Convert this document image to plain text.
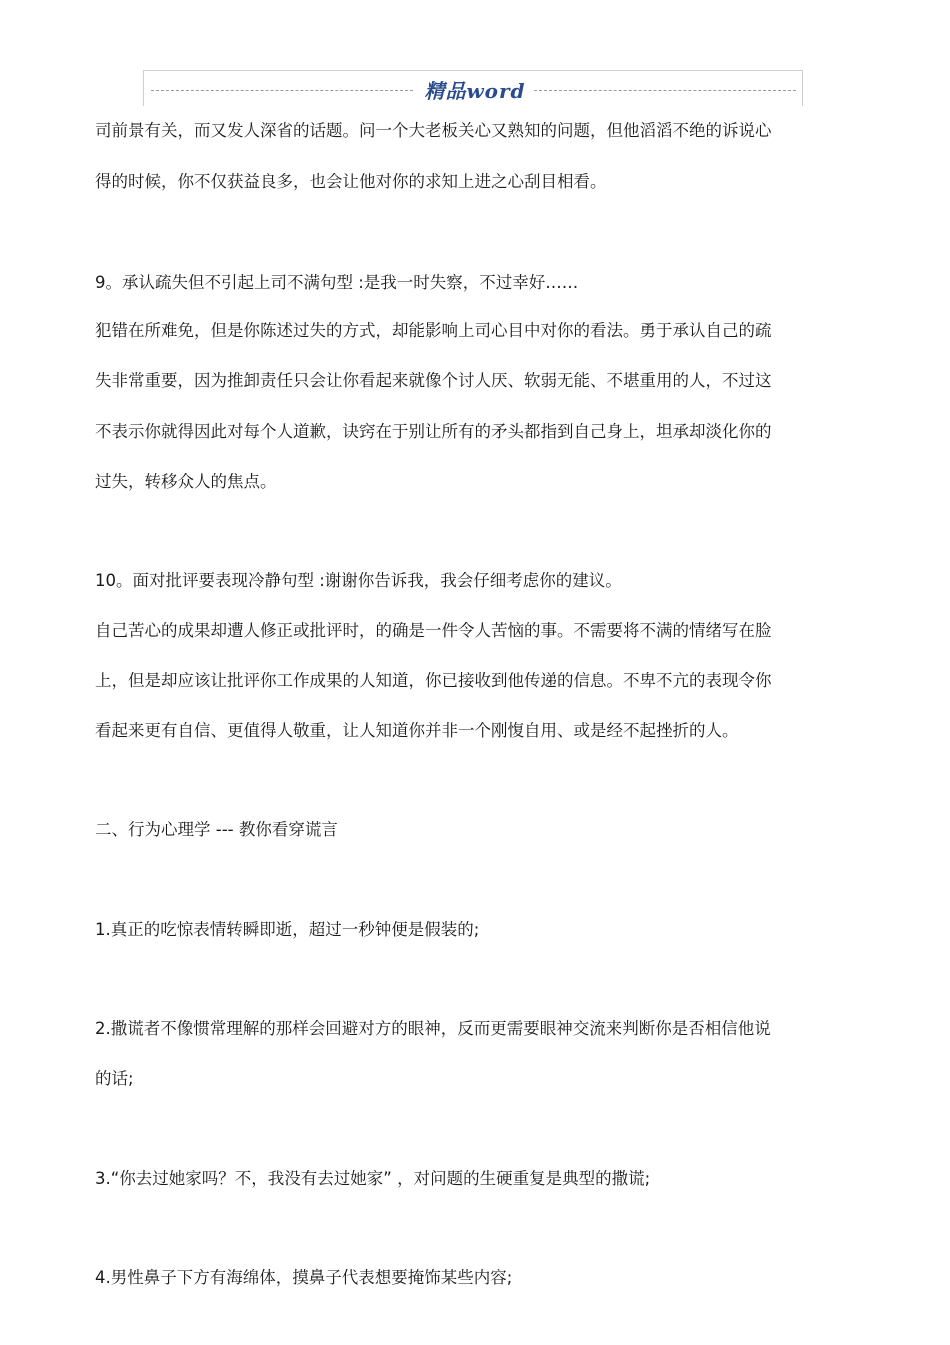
精品word
司前景有关，而又发人深省的话题。问一个大老板关心又熟知的问题，但他滔滔不绝的诉说心
得的时候，你不仅获益良多，也会让他对你的求知上进之心刮目相看。
9。承认疏失但不引起上司不满句型 :是我一时失察，不过幸好……
犯错在所难免，但是你陈述过失的方式，却能影响上司心目中对你的看法。勇于承认自己的疏
失非常重要，因为推卸责任只会让你看起来就像个讨人厌、软弱无能、不堪重用的人，不过这
不表示你就得因此对每个人道歉，诀窍在于别让所有的矛头都指到自己身上，坦承却淡化你的
过失，转移众人的焦点。
10。面对批评要表现冷静句型 :谢谢你告诉我，我会仔细考虑你的建议。
自己苦心的成果却遭人修正或批评时，的确是一件令人苦恼的事。不需要将不满的情绪写在脸
上，但是却应该让批评你工作成果的人知道，你已接收到他传递的信息。不卑不亢的表现令你
看起来更有自信、更值得人敬重，让人知道你并非一个刚愎自用、或是经不起挫折的人。
二、行为心理学 --- 教你看穿谎言
1.真正的吃惊表情转瞬即逝，超过一秒钟便是假装的;
2.撒谎者不像惯常理解的那样会回避对方的眼神，反而更需要眼神交流来判断你是否相信他说
的话;
3.“你去过她家吗？不，我没有去过她家” ，对问题的生硬重复是典型的撒谎;
4.男性鼻子下方有海绵体，摸鼻子代表想要掩饰某些内容;
